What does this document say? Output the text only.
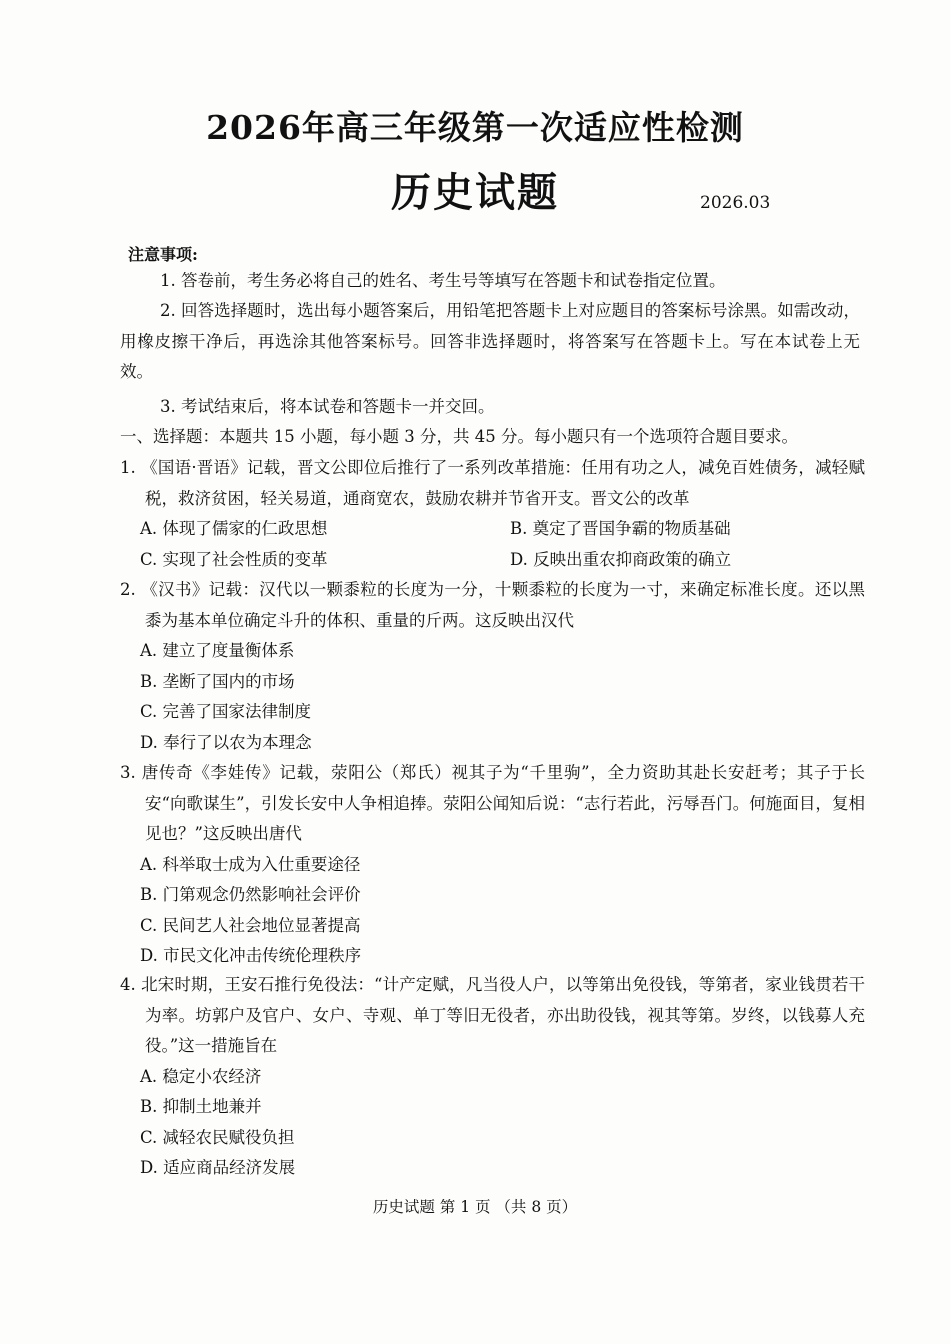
2026年高三年级第一次适应性检测
历史试题	2026.03
注意事项:

1. 答卷前，考生务必将自己的姓名、考生号等填写在答题卡和试卷指定位置。

2. 回答选择题时，选出每小题答案后，用铅笔把答题卡上对应题目的答案标号涂黑。如需改动，用橡皮擦干净后，再选涂其他答案标号。回答非选择题时，将答案写在答题卡上。写在本试卷上无效。

3. 考试结束后，将本试卷和答题卡一并交回。

一、选择题：本题共 15 小题，每小题 3 分，共 45 分。每小题只有一个选项符合题目要求。

1. 《国语·晋语》记载，晋文公即位后推行了一系列改革措施：任用有功之人，减免百姓债务，减轻赋税，救济贫困，轻关易道，通商宽农，鼓励农耕并节省开支。晋文公的改革

A. 体现了儒家的仁政思想	B. 奠定了晋国争霸的物质基础
C. 实现了社会性质的变革	D. 反映出重农抑商政策的确立

2. 《汉书》记载：汉代以一颗黍粒的长度为一分，十颗黍粒的长度为一寸，来确定标准长度。还以黑黍为基本单位确定斗升的体积、重量的斤两。这反映出汉代

A. 建立了度量衡体系
B. 垄断了国内的市场
C. 完善了国家法律制度
D. 奉行了以农为本理念

3. 唐传奇《李娃传》记载，荥阳公（郑氏）视其子为“千里驹”，全力资助其赴长安赶考；其子于长安“向歌谋生”，引发长安中人争相追捧。荥阳公闻知后说：“志行若此，污辱吾门。何施面目，复相见也？”这反映出唐代

A. 科举取士成为入仕重要途径
B. 门第观念仍然影响社会评价
C. 民间艺人社会地位显著提高
D. 市民文化冲击传统伦理秩序

4. 北宋时期，王安石推行免役法：“计产定赋，凡当役人户，以等第出免役钱，等第者，家业钱贯若干为率。坊郭户及官户、女户、寺观、单丁等旧无役者，亦出助役钱，视其等第。岁终，以钱募人充役。”这一措施旨在

A. 稳定小农经济
B. 抑制土地兼并
C. 减轻农民赋役负担
D. 适应商品经济发展
历史试题 第 1 页 （共 8 页）
